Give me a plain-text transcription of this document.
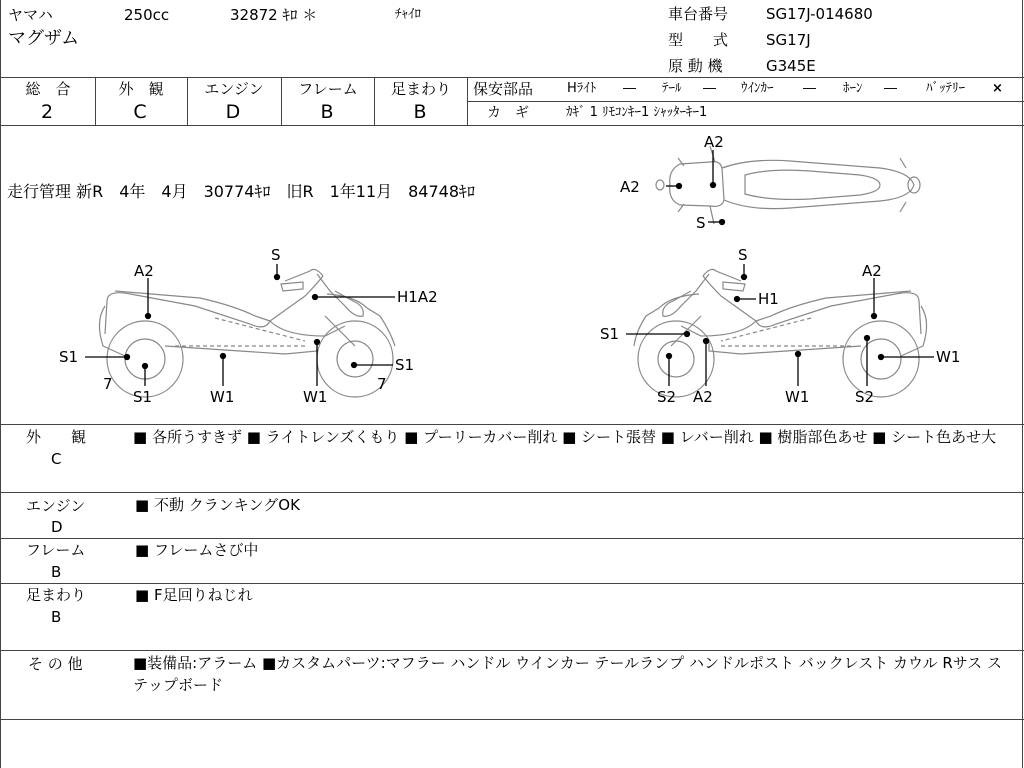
ヤマハ	250cc	32872 ｷﾛ ＊	ﾁｬｲﾛ
マグザム
車台番号	SG17J-014680
型　　式	SG17J
原 動 機	G345E
総　合
2
外　観
C
エンジン
D
フレーム
B
足まわり
B
保安部品	Hﾗｲﾄ ― ﾃｰﾙ ― ｳｲﾝｶｰ ― ﾎｰﾝ ― ﾊﾞｯﾃﾘｰ ×
カ　ギ	ｶｷﾞ 1 ﾘﾓｺﾝｷｰ1 ｼｬｯﾀｰｷｰ1
走行管理 新R　4年　4月　30774ｷﾛ　旧R　1年11月　84748ｷﾛ
A2
A2
S
S
A2
H1A2
S1	S1
7
S1	W1	W1
7
S
A2
H1
S1
W1
S2 A2	W1	S2
外　　観
C
■ 各所うすきず ■ ライトレンズくもり ■ プーリーカバー削れ ■ シート張替 ■ レバー削れ ■ 樹脂部色あせ ■ シート色あせ大
エンジン
D
■ 不動 クランキングOK
フレーム
B
■ フレームさび中
足まわり
B
■ F足回りねじれ
そ の 他	■装備品:アラーム ■カスタムパーツ:マフラー ハンドル ウインカー テールランプ ハンドルポスト バックレスト カウル Rサス ステップボード
